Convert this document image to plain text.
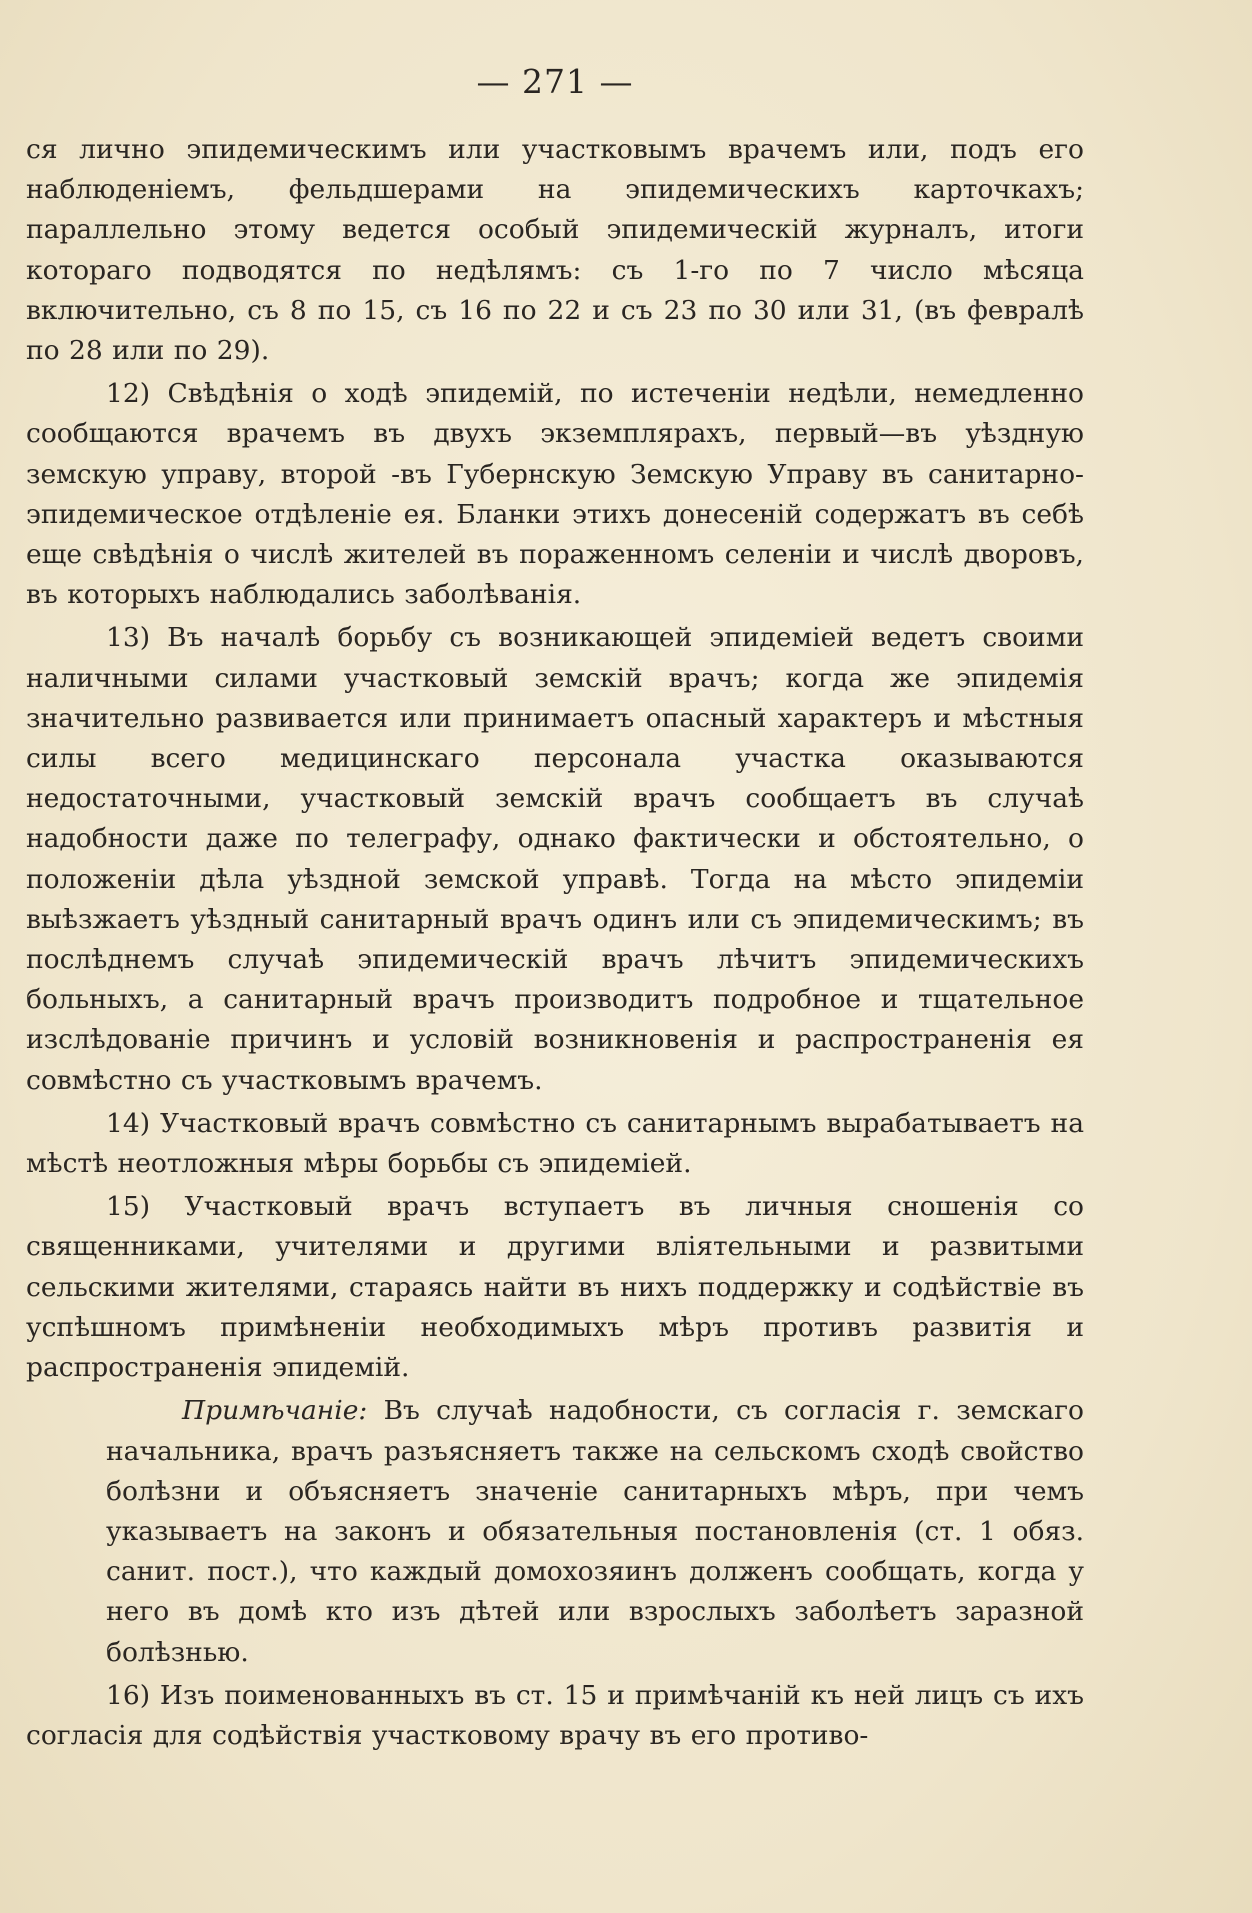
— 271 —

ся лично эпидемическимъ или участковымъ врачемъ или, подъ его наблюденiемъ, фельдшерами на эпидемическихъ карточкахъ; параллельно этому ведется особый эпидемическiй журналъ, итоги котораго подводятся по недѣлямъ: съ 1-го по 7 число мѣсяца включительно, съ 8 по 15, съ 16 по 22 и съ 23 по 30 или 31, (въ февралѣ по 28 или по 29).

12) Свѣдѣнiя о ходѣ эпидемiй, по истеченiи недѣли, немедленно сообщаются врачемъ въ двухъ экземплярахъ, первый—въ уѣздную земскую управу, второй -въ Губернскую Земскую Управу въ санитарно-эпидемическое отдѣленiе ея. Бланки этихъ донесенiй содержатъ въ себѣ еще свѣдѣнiя о числѣ жителей въ пораженномъ селенiи и числѣ дворовъ, въ которыхъ наблюдались заболѣванiя.

13) Въ началѣ борьбу съ возникающей эпидемiей ведетъ своими наличными силами участковый земскiй врачъ; когда же эпидемiя значительно развивается или принимаетъ опасный характеръ и мѣстныя силы всего медицинскаго персонала участка оказываются недостаточными, участковый земскiй врачъ сообщаетъ въ случаѣ надобности даже по телеграфу, однако фактически и обстоятельно, о положенiи дѣла уѣздной земской управѣ. Тогда на мѣсто эпидемiи выѣзжаетъ уѣздный санитарный врачъ одинъ или съ эпидемическимъ; въ послѣднемъ случаѣ эпидемическiй врачъ лѣчитъ эпидемическихъ больныхъ, а санитарный врачъ производитъ подробное и тщательное изслѣдованiе причинъ и условiй возникновенiя и распространенiя ея совмѣстно съ участковымъ врачемъ.

14) Участковый врачъ совмѣстно съ санитарнымъ вырабатываетъ на мѣстѣ неотложныя мѣры борьбы съ эпидемiей.

15) Участковый врачъ вступаетъ въ личныя сношенiя со священниками, учителями и другими влiятельными и развитыми сельскими жителями, стараясь найти въ нихъ поддержку и содѣйствiе въ успѣшномъ примѣненiи необходимыхъ мѣръ противъ развитiя и распространенiя эпидемiй.

Примѣчанiе: Въ случаѣ надобности, съ согласiя г. земскаго начальника, врачъ разъясняетъ также на сельскомъ сходѣ свойство болѣзни и объясняетъ значенiе санитарныхъ мѣръ, при чемъ указываетъ на законъ и обязательныя постановленiя (ст. 1 обяз. санит. пост.), что каждый домохозяинъ долженъ сообщать, когда у него въ домѣ кто изъ дѣтей или взрослыхъ заболѣетъ заразной болѣзнью.

16) Изъ поименованныхъ въ ст. 15 и примѣчанiй къ ней лицъ съ ихъ согласiя для содѣйствiя участковому врачу въ его противо-
